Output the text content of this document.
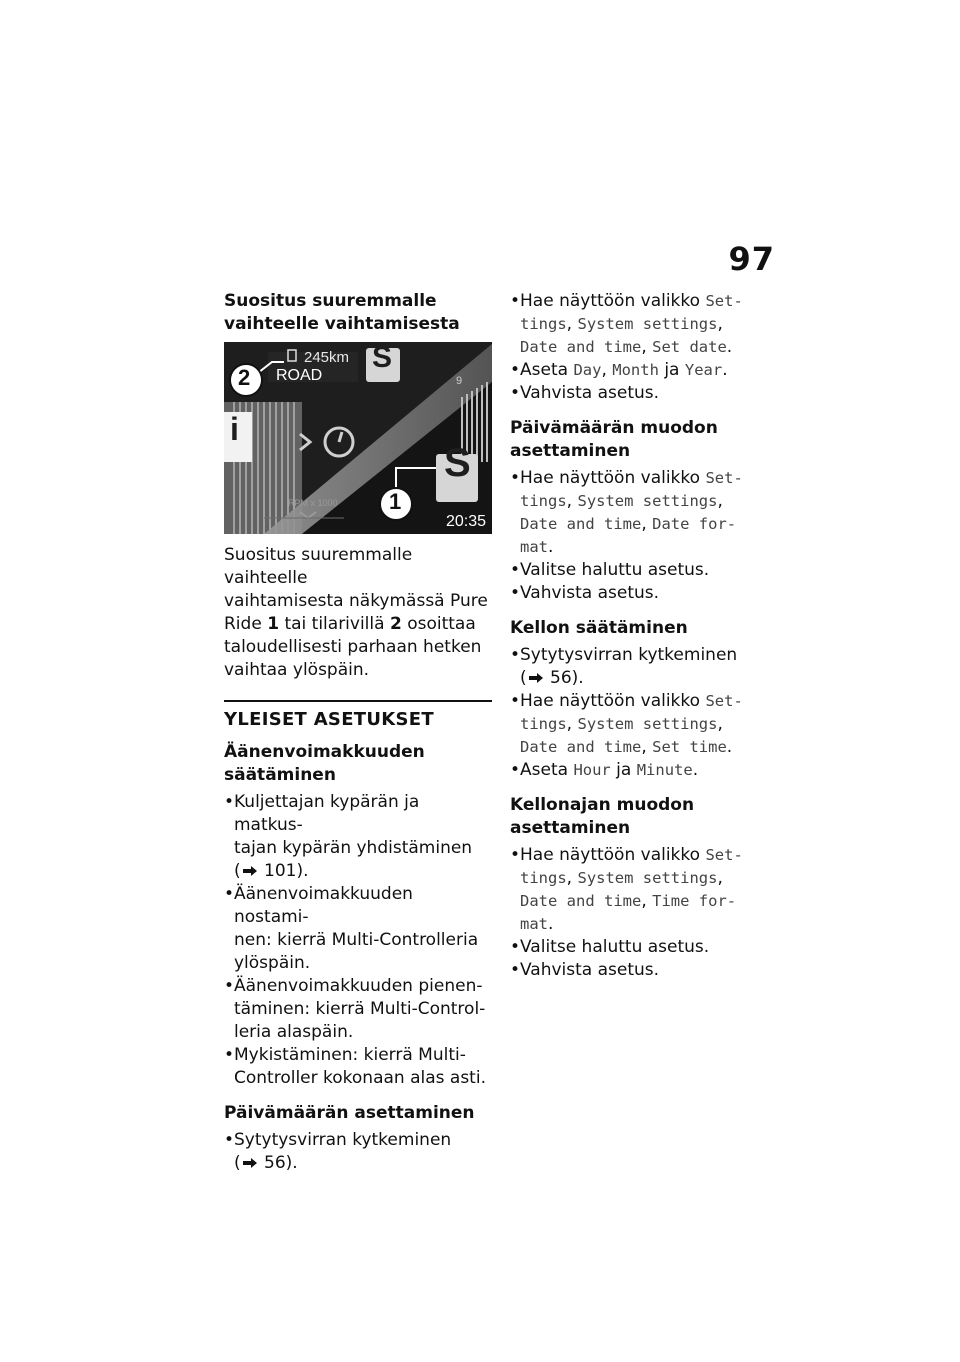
97
Suositus suuremmalle
vaihteelle vaihtamisesta
245km
ROAD
S
S
9
i
RPM x 1000
20:35
2
1

Suositus suuremmalle vaihteelle
vaihtamisesta näkymässä Pure
Ride 1 tai tilarivillä 2 osoittaa
taloudellisesti parhaan hetken
vaihtaa ylöspäin.

YLEISET ASETUKSET
Äänenvoimakkuuden
säätäminen
• Kuljettajan kypärän ja matkus-
tajan kypärän yhdistäminen
( 101).
• Äänenvoimakkuuden nostami-
nen: kierrä Multi-Controlleria
ylöspäin.
• Äänenvoimakkuuden pienen-
täminen: kierrä Multi-Control-
leria alaspäin.
• Mykistäminen: kierrä Multi-
Controller kokonaan alas asti.
Päivämäärän asettaminen
• Sytytysvirran kytkeminen
( 56).
• Hae näyttöön valikko Set-
tings, System settings,
Date and time, Set date.
• Aseta Day, Month ja Year.
• Vahvista asetus.
Päivämäärän muodon
asettaminen
• Hae näyttöön valikko Set-
tings, System settings,
Date and time, Date for-
mat.
• Valitse haluttu asetus.
• Vahvista asetus.
Kellon säätäminen
• Sytytysvirran kytkeminen
( 56).
• Hae näyttöön valikko Set-
tings, System settings,
Date and time, Set time.
• Aseta Hour ja Minute.
Kellonajan muodon
asettaminen
• Hae näyttöön valikko Set-
tings, System settings,
Date and time, Time for-
mat.
• Valitse haluttu asetus.
• Vahvista asetus.
